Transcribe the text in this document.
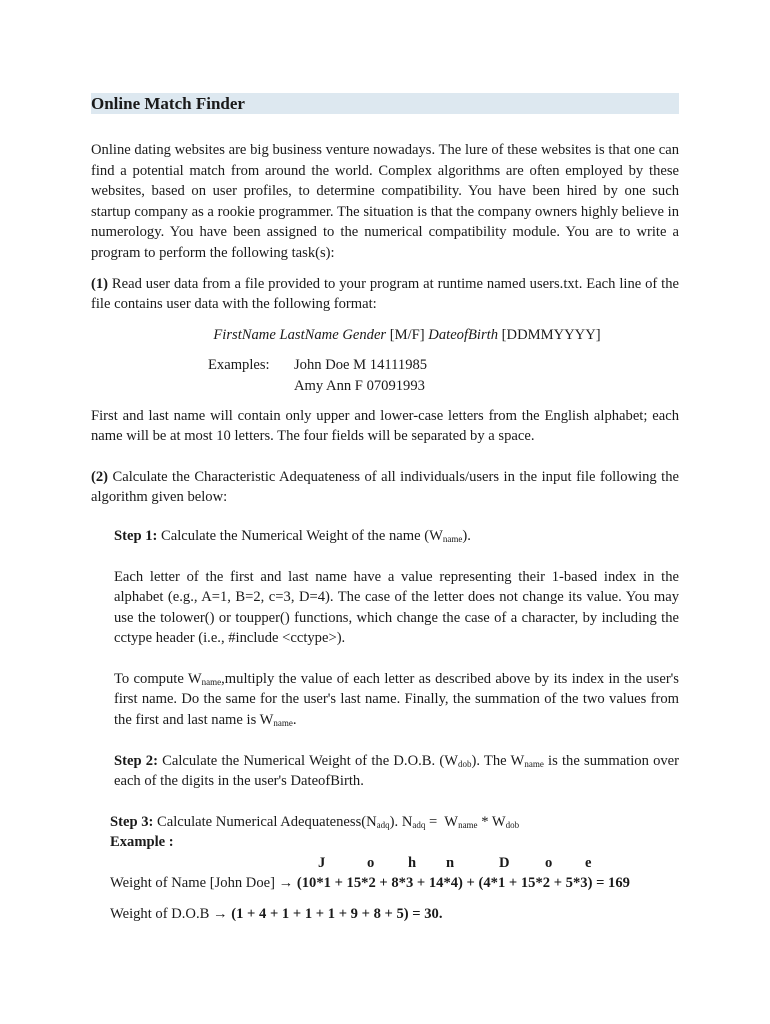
Online Match Finder

Online dating websites are big business venture nowadays. The lure of these websites is that one can find a potential match from around the world. Complex algorithms are often employed by these websites, based on user profiles, to determine compatibility. You have been hired by one such startup company as a rookie programmer. The situation is that the company owners highly believe in numerology. You have been assigned to the numerical compatibility module. You are to write a program to perform the following task(s):

(1) Read user data from a file provided to your program at runtime named users.txt. Each line of the file contains user data with the following format:

FirstName LastName Gender [M/F] DateofBirth [DDMMYYYY]

Examples:	John Doe M 14111985
Amy Ann F 07091993

First and last name will contain only upper and lower-case letters from the English alphabet; each name will be at most 10 letters. The four fields will be separated by a space.

(2) Calculate the Characteristic Adequateness of all individuals/users in the input file following the algorithm given below:

Step 1: Calculate the Numerical Weight of the name $(W_{name})$.

Each letter of the first and last name have a value representing their 1-based index in the alphabet (e.g., A=1, B=2, c=3, D=4). The case of the letter does not change its value. You may use the tolower() or toupper() functions, which change the case of a character, by including the cctype header (i.e., #include <cctype>).

To compute $W_{name},multiply$ the value of each letter as described above by its index in the user's first name. Do the same for the user's last name. Finally, the summation of the two values from the first and last name is $W_{name}$.

Step 2: Calculate the Numerical Weight of the D.O.B. $(W_{dob})$. The $W_{name}$ is the summation over each of the digits in the user's DateofBirth.

Step 3: Calculate Numerical $Adequateness(N_{adq})$. $N_{adq} = W_{name} * W_{dob}$
Example :
J	o h n	D o e
Weight of Name [John Doe] → (10*1 + 15*2 + 8*3 + 14*4) + (4*1 + 15*2 + 5*3) = 169
Weight of D.O.B → (1 + 4 + 1 + 1 + 1 + 9 + 8 + 5) = 30.
